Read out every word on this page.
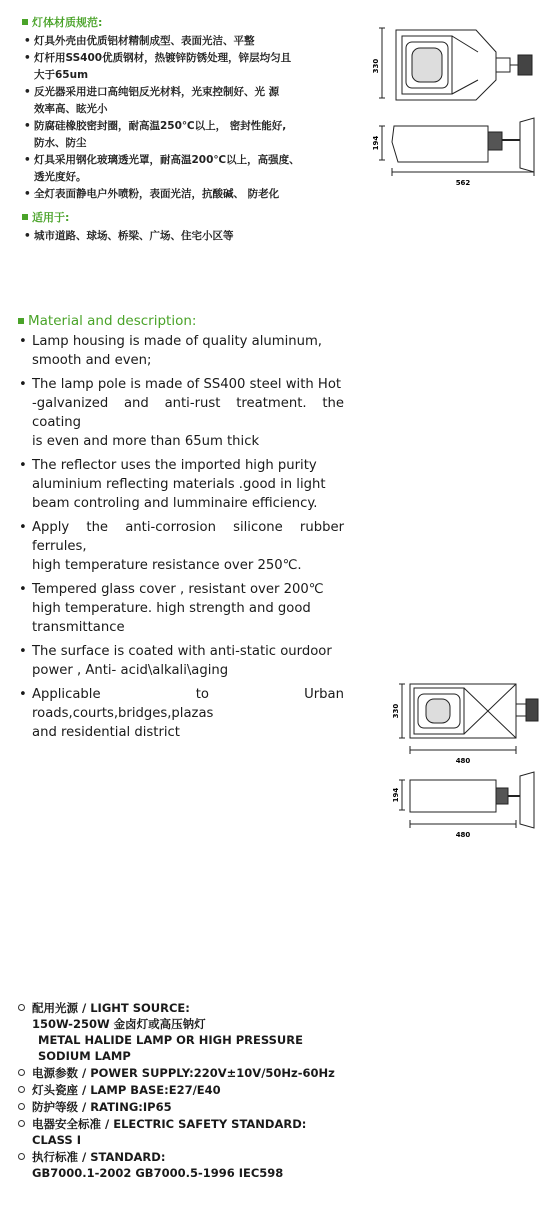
灯体材质规范:
• 灯具外壳由优质铝材精制成型、表面光洁、平整
• 灯杆用SS400优质钢材，热镀锌防锈处理，锌层均匀且
大于65um
• 反光器采用进口高纯铝反光材料，光束控制好、光 源
效率高、眩光小
• 防腐硅橡胶密封圈，耐高温250℃以上， 密封性能好,
防水、防尘
• 灯具采用钢化玻璃透光罩，耐高温200℃以上，高强度、
透光度好。
• 全灯表面静电户外喷粉，表面光洁，抗酸碱、 防老化
适用于:
• 城市道路、球场、桥梁、广场、住宅小区等
330
194
562
Material and description:
• Lamp housing is made of quality aluminum,
smooth and even;
• The lamp pole is made of SS400 steel with Hot
-galvanized and anti-rust treatment. the coating
is even and more than 65um thick
• The reflector uses the imported high purity
aluminium reflecting materials .good in light
beam controling and lumminaire efficiency.
• Apply the anti-corrosion silicone rubber ferrules,
high temperature resistance over 250℃.
• Tempered glass cover , resistant over 200℃
high temperature. high strength and good
transmittance
• The surface is coated with anti-static ourdoor
power , Anti- acid\alkali\aging
• Applicable to Urban roads,courts,bridges,plazas
and residential district
330
480
194
480
配用光源 / LIGHT SOURCE:
150W-250W 金卤灯或高压钠灯
METAL HALIDE LAMP OR HIGH PRESSURE
SODIUM LAMP
电源参数 / POWER SUPPLY:220V±10V/50Hz-60Hz
灯头瓷座 / LAMP BASE:E27/E40
防护等级 / RATING:IP65
电器安全标准 / ELECTRIC SAFETY STANDARD:
CLASS I
执行标准 / STANDARD:
GB7000.1-2002 GB7000.5-1996 IEC598
